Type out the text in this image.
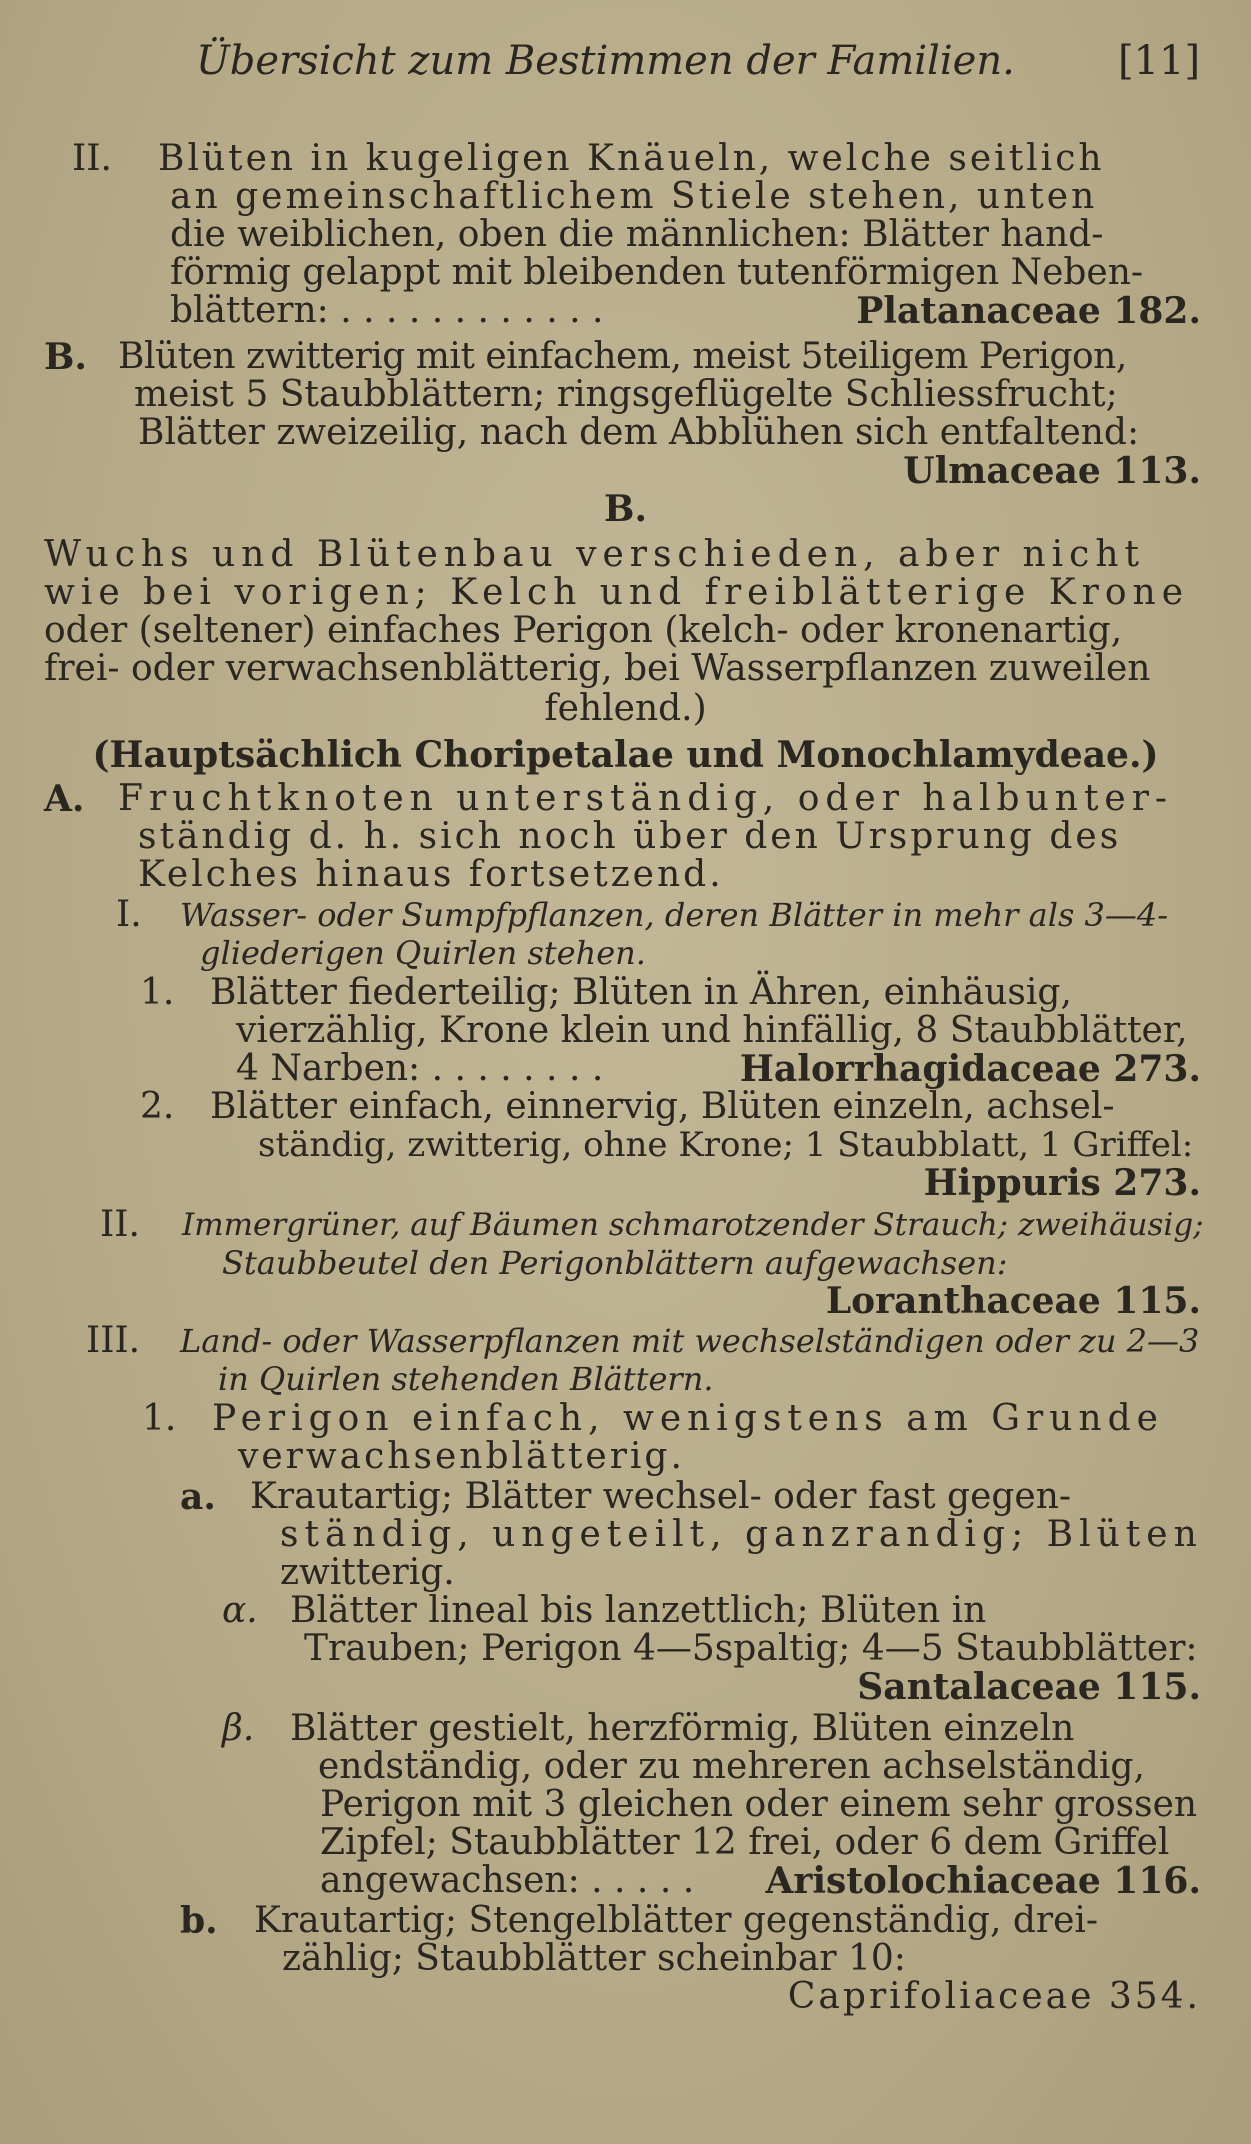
Übersicht zum Bestimmen der Familien.	[11]
II. Blüten in kugeligen Knäueln, welche seitlich
an gemeinschaftlichem Stiele stehen, unten
die weiblichen, oben die männlichen: Blätter hand-
förmig gelappt mit bleibenden tutenförmigen Neben-
blättern: . . . . . . . . . . . .	Platanaceae 182.
B. Blüten zwitterig mit einfachem, meist 5teiligem Perigon,
meist 5 Staubblättern; ringsgeflügelte Schliessfrucht;
Blätter zweizeilig, nach dem Abblühen sich entfaltend:
Ulmaceae 113.
B.
Wuchs und Blütenbau verschieden, aber nicht
wie bei vorigen; Kelch und freiblätterige Krone
oder (seltener) einfaches Perigon (kelch- oder kronenartig,
frei- oder verwachsenblätterig, bei Wasserpflanzen zuweilen
fehlend.)
(Hauptsächlich Choripetalae und Monochlamydeae.)
A. Fruchtknoten unterständig, oder halbunter-
ständig d. h. sich noch über den Ursprung des
Kelches hinaus fortsetzend.
I. Wasser- oder Sumpfpflanzen, deren Blätter in mehr als 3—4-
gliederigen Quirlen stehen.
1. Blätter fiederteilig; Blüten in Ähren, einhäusig,
vierzählig, Krone klein und hinfällig, 8 Staubblätter,
4 Narben: . . . . . . . .	Halorrhagidaceae 273.
2. Blätter einfach, einnervig, Blüten einzeln, achsel-
ständig, zwitterig, ohne Krone; 1 Staubblatt, 1 Griffel:
Hippuris 273.
II. Immergrüner, auf Bäumen schmarotzender Strauch; zweihäusig;
Staubbeutel den Perigonblättern aufgewachsen:
Loranthaceae 115.
III. Land- oder Wasserpflanzen mit wechselständigen oder zu 2—3
in Quirlen stehenden Blättern.
1. Perigon einfach, wenigstens am Grunde
verwachsenblätterig.
a. Krautartig; Blätter wechsel- oder fast gegen-
ständig, ungeteilt, ganzrandig; Blüten
zwitterig.
α. Blätter lineal bis lanzettlich; Blüten in
Trauben; Perigon 4—5spaltig; 4—5 Staubblätter:
Santalaceae 115.
β. Blätter gestielt, herzförmig, Blüten einzeln
endständig, oder zu mehreren achselständig,
Perigon mit 3 gleichen oder einem sehr grossen
Zipfel; Staubblätter 12 frei, oder 6 dem Griffel
angewachsen: . . . . . Aristolochiaceae 116.
b. Krautartig; Stengelblätter gegenständig, drei-
zählig; Staubblätter scheinbar 10:
Caprifoliaceae 354.
